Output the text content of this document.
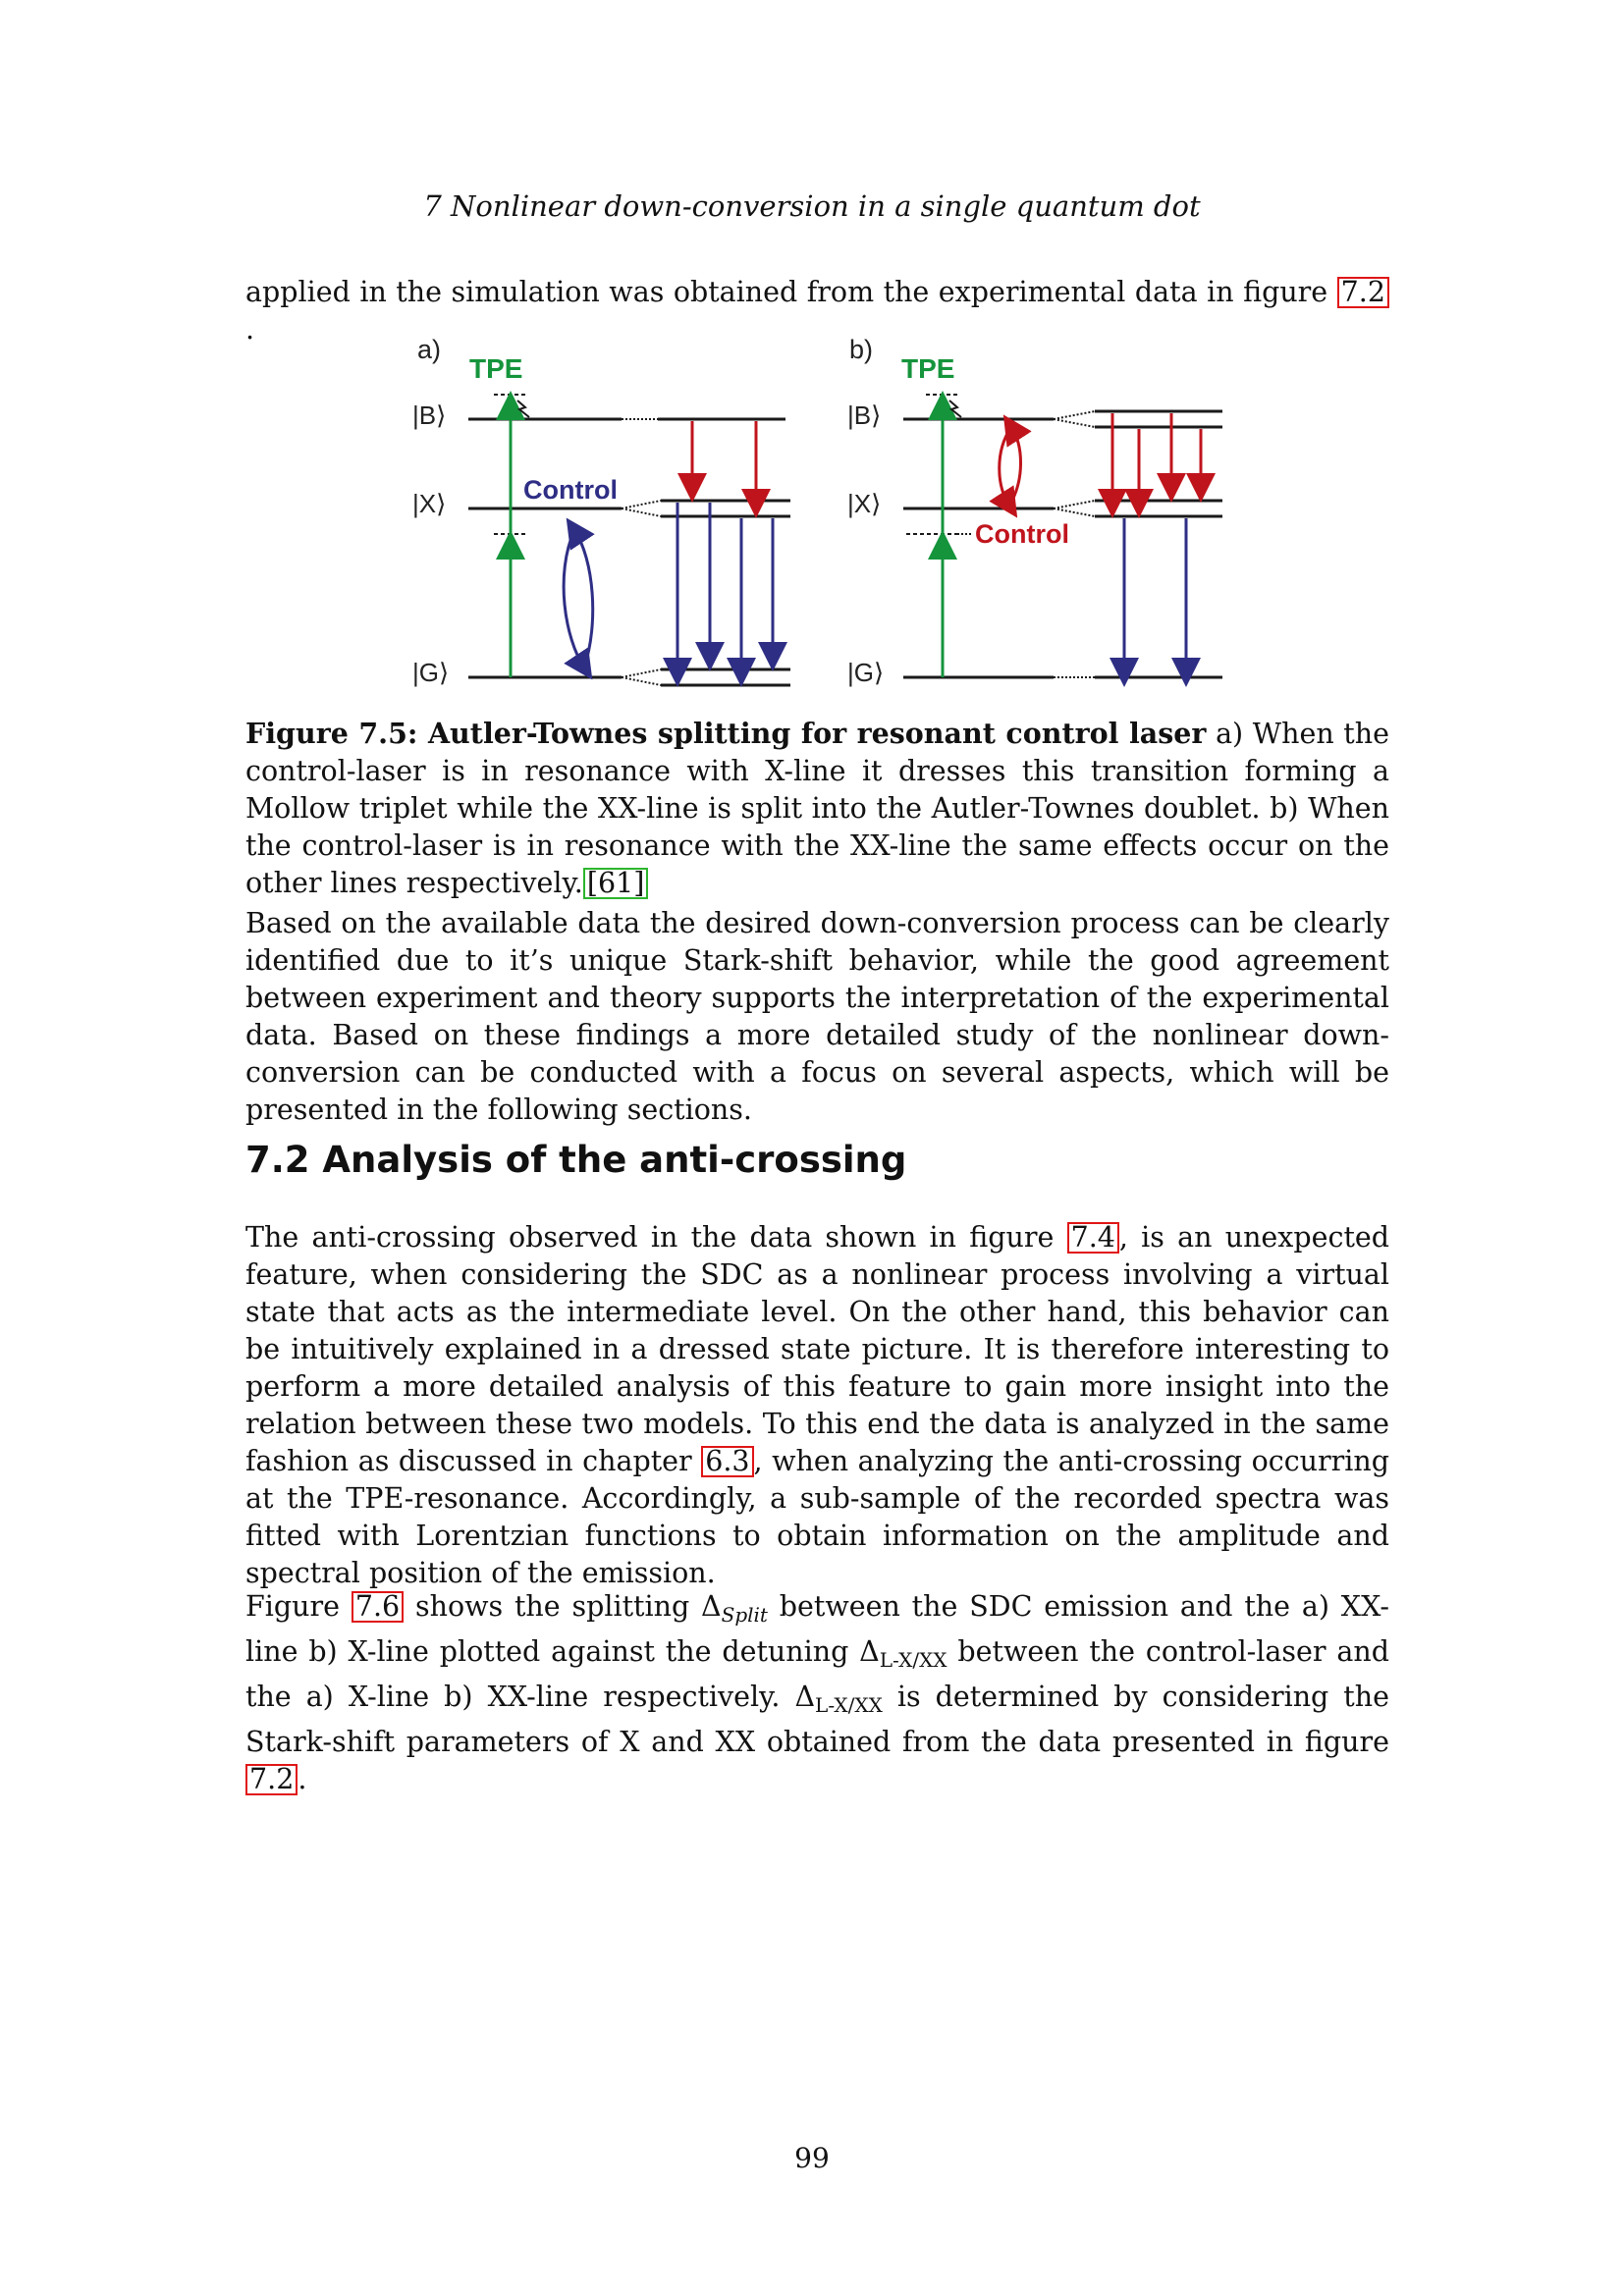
7 Nonlinear down-conversion in a single quantum dot

applied in the simulation was obtained from the experimental data in figure 7.2.

a)
TPE
|B⟩
|X⟩
|G⟩
Control
b)
TPE
|B⟩
|X⟩
|G⟩
Control

Figure 7.5: Autler-Townes splitting for resonant control laser a) When the control-laser is in resonance with X-line it dresses this transition forming a Mollow triplet while the XX-line is split into the Autler-Townes doublet. b) When the control-laser is in resonance with the XX-line the same effects occur on the other lines respectively. [61]

Based on the available data the desired down-conversion process can be clearly identified due to it’s unique Stark-shift behavior, while the good agreement between experiment and theory supports the interpretation of the experimental data. Based on these findings a more detailed study of the nonlinear down-conversion can be conducted with a focus on several aspects, which will be presented in the following sections.

7.2 Analysis of the anti-crossing

The anti-crossing observed in the data shown in figure 7.4 , is an unexpected feature, when considering the SDC as a nonlinear process involving a virtual state that acts as the intermediate level. On the other hand, this behavior can be intuitively explained in a dressed state picture. It is therefore interesting to perform a more detailed analysis of this feature to gain more insight into the relation between these two models. To this end the data is analyzed in the same fashion as discussed in chapter 6.3 , when analyzing the anti-crossing occurring at the TPE-resonance. Accordingly, a sub-sample of the recorded spectra was fitted with Lorentzian functions to obtain information on the amplitude and spectral position of the emission.

Figure 7.6 shows the splitting $\Delta_{Split}$ between the SDC emission and the a) XX-line b) X-line plotted against the detuning $\Delta_{L-X/XX}$ between the control-laser and the a) X-line b) XX-line respectively. $\Delta_{L-X/XX}$ is determined by considering the Stark-shift parameters of X and XX obtained from the data presented in figure 7.2 .

99
